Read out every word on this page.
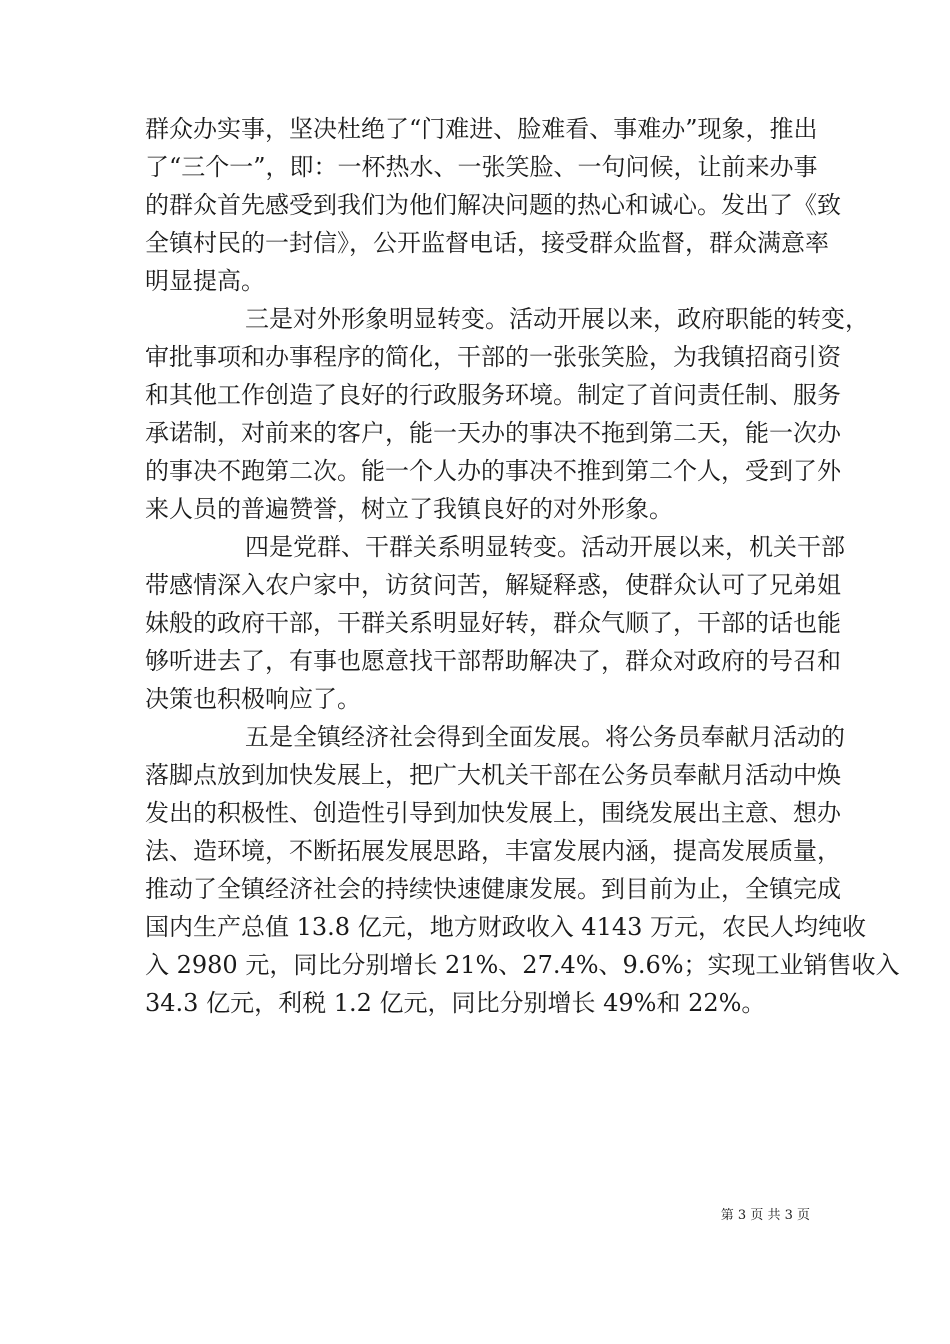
群众办实事，坚决杜绝了“门难进、脸难看、事难办”现象，推出
了“三个一”，即：一杯热水、一张笑脸、一句问候，让前来办事
的群众首先感受到我们为他们解决问题的热心和诚心。发出了《致
全镇村民的一封信》，公开监督电话，接受群众监督，群众满意率
明显提高。
三是对外形象明显转变。活动开展以来，政府职能的转变，
审批事项和办事程序的简化，干部的一张张笑脸，为我镇招商引资
和其他工作创造了良好的行政服务环境。制定了首问责任制、服务
承诺制，对前来的客户，能一天办的事决不拖到第二天，能一次办
的事决不跑第二次。能一个人办的事决不推到第二个人，受到了外
来人员的普遍赞誉，树立了我镇良好的对外形象。
四是党群、干群关系明显转变。活动开展以来，机关干部
带感情深入农户家中，访贫问苦，解疑释惑，使群众认可了兄弟姐
妹般的政府干部，干群关系明显好转，群众气顺了，干部的话也能
够听进去了，有事也愿意找干部帮助解决了，群众对政府的号召和
决策也积极响应了。
五是全镇经济社会得到全面发展。将公务员奉献月活动的
落脚点放到加快发展上，把广大机关干部在公务员奉献月活动中焕
发出的积极性、创造性引导到加快发展上，围绕发展出主意、想办
法、造环境，不断拓展发展思路，丰富发展内涵，提高发展质量，
推动了全镇经济社会的持续快速健康发展。到目前为止，全镇完成
国内生产总值 13.8 亿元，地方财政收入 4143 万元，农民人均纯收
入 2980 元，同比分别增长 21%、27.4%、9.6%；实现工业销售收入
34.3 亿元，利税 1.2 亿元，同比分别增长 49%和 22%。
第 3 页 共 3 页
